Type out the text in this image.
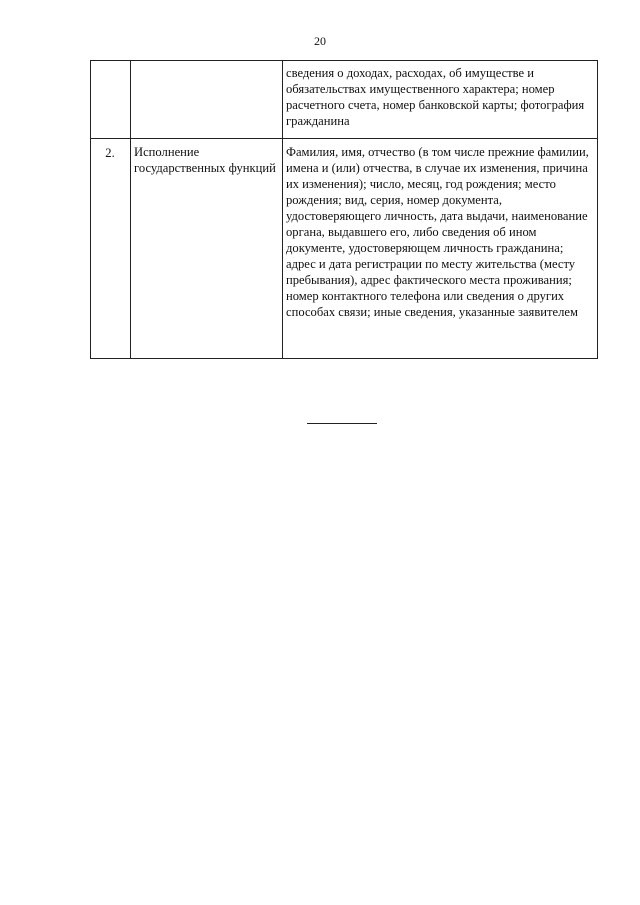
20
		сведения о доходах, расходах, об имуществе и обязательствах имущественного характера; номер расчетного счета, номер банковской карты; фотография гражданина
2.	Исполнение государственных функций	Фамилия, имя, отчество (в том числе прежние фамилии, имена и (или) отчества, в случае их изменения, причина их изменения); число, месяц, год рождения; место рождения; вид, серия, номер документа, удостоверяющего личность, дата выдачи, наименование органа, выдавшего его, либо сведения об ином документе, удостоверяющем личность гражданина; адрес и дата регистрации по месту жительства (месту пребывания), адрес фактического места проживания; номер контактного телефона или сведения о других способах связи; иные сведения, указанные заявителем
